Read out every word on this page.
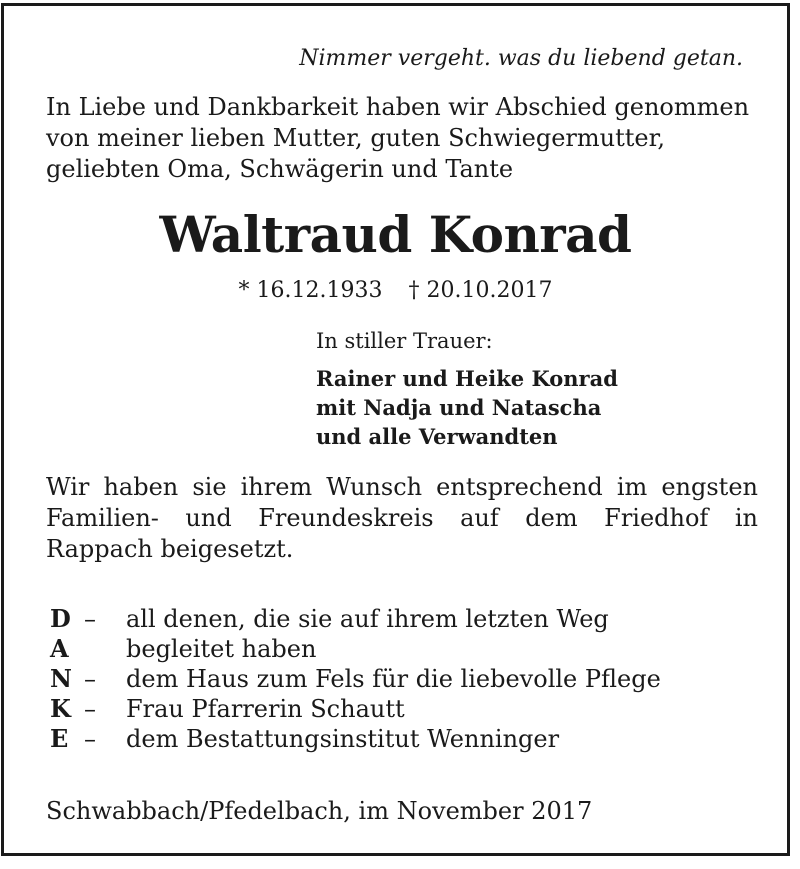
Nimmer vergeht. was du liebend getan.
In Liebe und Dankbarkeit haben wir Abschied genommen
von meiner lieben Mutter, guten Schwiegermutter,
geliebten Oma, Schwägerin und Tante
Waltraud Konrad
* 16.12.1933 † 20.10.2017
In stiller Trauer:
Rainer und Heike Konrad
mit Nadja und Natascha
und alle Verwandten
Wir haben sie ihrem Wunsch entsprechend im engsten Familien- und Freundeskreis auf dem Friedhof in Rappach beigesetzt.
D –	all denen, die sie auf ihrem letzten Weg
A	begleitet haben
N –	dem Haus zum Fels für die liebevolle Pflege
K –	Frau Pfarrerin Schautt
E –	dem Bestattungsinstitut Wenninger
Schwabbach/Pfedelbach, im November 2017
